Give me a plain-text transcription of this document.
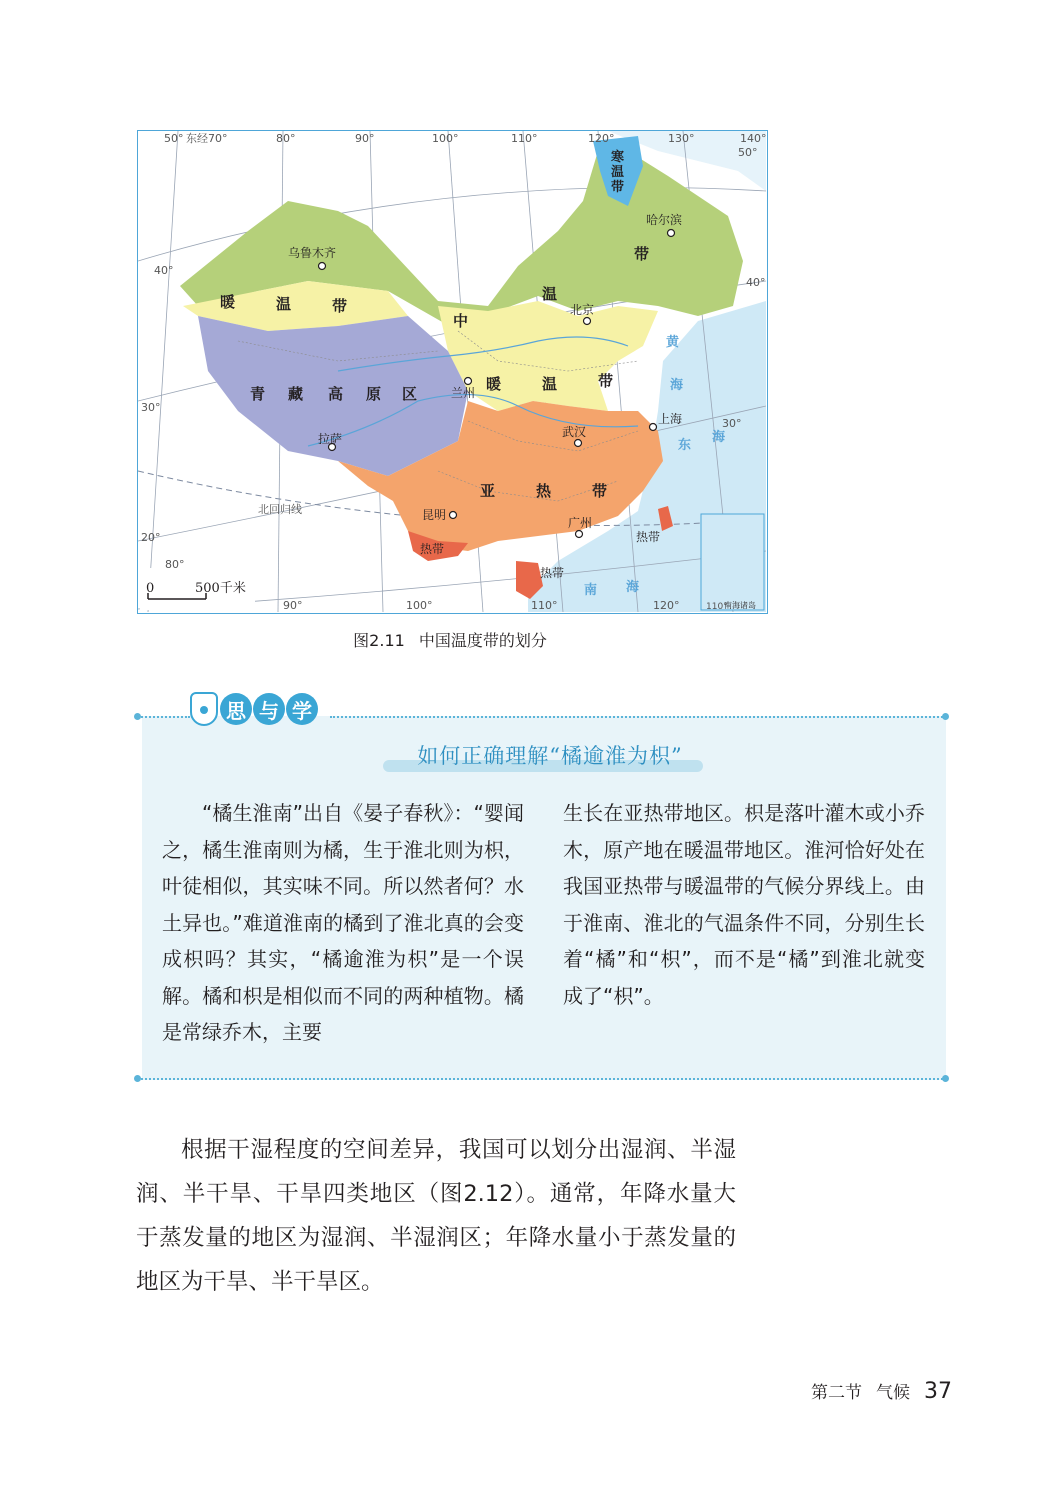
50° 东经70°	80°	90°	100°	110°	120°	130°	140°
80°
90°	100°	110°	120°	110°
50°
40°
40°
30°
30°
20°
寒
温
带
中
温
带
暖	温	带
青 藏 高 原 区
暖	温	带
亚	热	带
热带
热带
热带
乌鲁木齐
哈尔滨
北京
兰州
上海
拉萨	武汉
昆明
广州
黄
海
东
海
南 海
北回归线
0	500千米
南海诸岛
图2.11 中国温度带的划分
思 与 学
如何正确理解“橘逾淮为枳”
“橘生淮南”出自《晏子春秋》：“婴闻之，橘生淮南则为橘，生于淮北则为枳，叶徒相似，其实味不同。所以然者何？水土异也。”难道淮南的橘到了淮北真的会变成枳吗？其实，“橘逾淮为枳”是一个误解。橘和枳是相似而不同的两种植物。橘是常绿乔木，主要
生长在亚热带地区。枳是落叶灌木或小乔木，原产地在暖温带地区。淮河恰好处在我国亚热带与暖温带的气候分界线上。由于淮南、淮北的气温条件不同，分别生长着“橘”和“枳”，而不是“橘”到淮北就变成了“枳”。
根据干湿程度的空间差异，我国可以划分出湿润、半湿润、半干旱、干旱四类地区（图2.12）。通常，年降水量大于蒸发量的地区为湿润、半湿润区；年降水量小于蒸发量的地区为干旱、半干旱区。
第二节 气候 37
